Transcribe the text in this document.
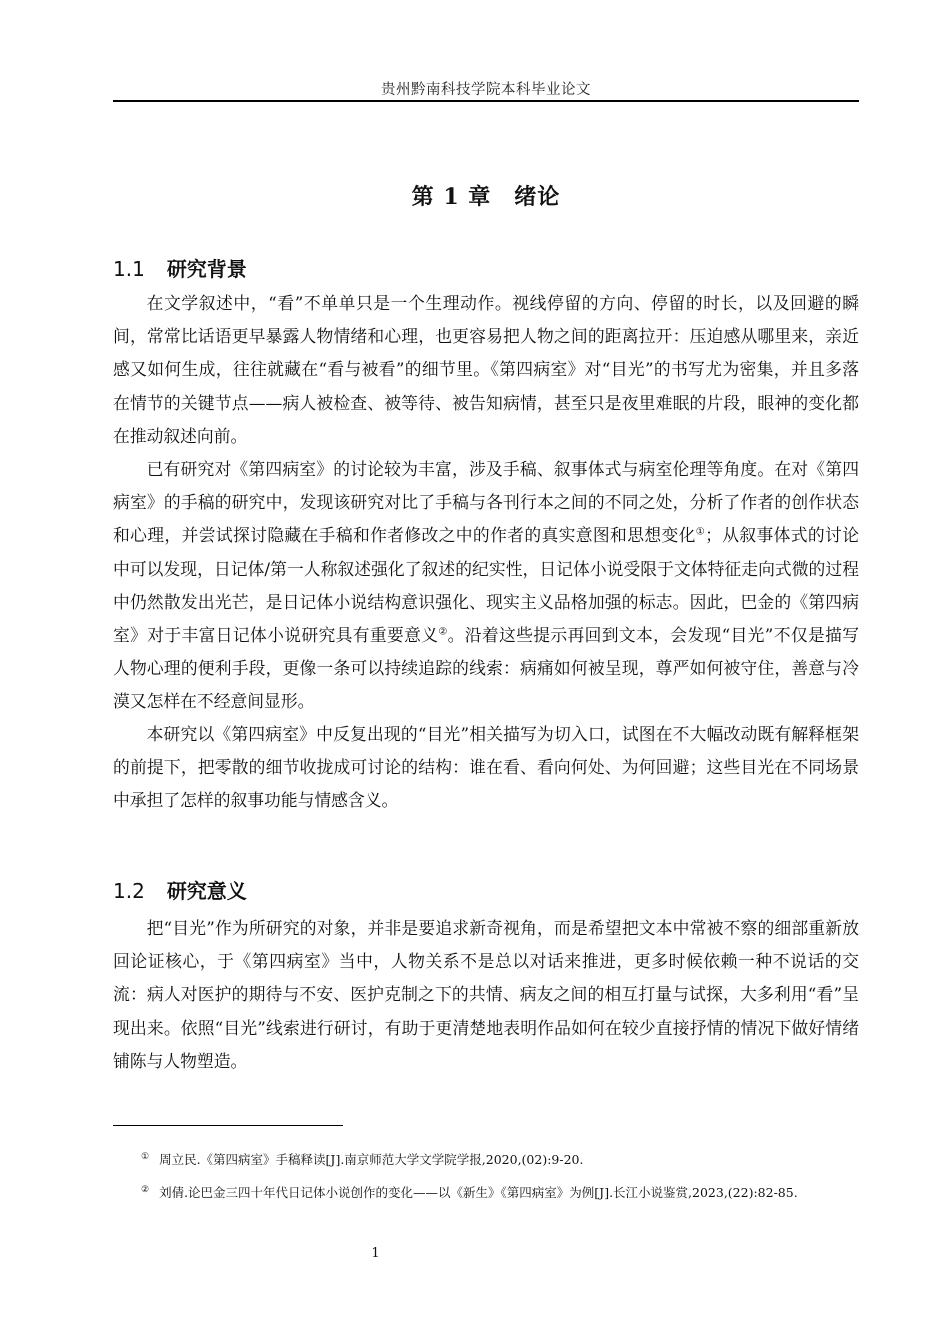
贵州黔南科技学院本科毕业论文
第 1 章　绪论
1.1 研究背景

在文学叙述中，“看”不单单只是一个生理动作。视线停留的方向、停留的时长，以及回避的瞬间，常常比话语更早暴露人物情绪和心理，也更容易把人物之间的距离拉开：压迫感从哪里来，亲近感又如何生成，往往就藏在“看与被看”的细节里。《第四病室》对“目光”的书写尤为密集，并且多落在情节的关键节点——病人被检查、被等待、被告知病情，甚至只是夜里难眠的片段，眼神的变化都在推动叙述向前。

已有研究对《第四病室》的讨论较为丰富，涉及手稿、叙事体式与病室伦理等角度。在对《第四病室》的手稿的研究中，发现该研究对比了手稿与各刊行本之间的不同之处，分析了作者的创作状态和心理，并尝试探讨隐藏在手稿和作者修改之中的作者的真实意图和思想变化①；从叙事体式的讨论中可以发现，日记体/第一人称叙述强化了叙述的纪实性，日记体小说受限于文体特征走向式微的过程中仍然散发出光芒，是日记体小说结构意识强化、现实主义品格加强的标志。因此，巴金的《第四病室》对于丰富日记体小说研究具有重要意义②。沿着这些提示再回到文本，会发现“目光”不仅是描写人物心理的便利手段，更像一条可以持续追踪的线索：病痛如何被呈现，尊严如何被守住，善意与冷漠又怎样在不经意间显形。

本研究以《第四病室》中反复出现的“目光”相关描写为切入口，试图在不大幅改动既有解释框架的前提下，把零散的细节收拢成可讨论的结构：谁在看、看向何处、为何回避；这些目光在不同场景中承担了怎样的叙事功能与情感含义。

1.2 研究意义

把“目光”作为所研究的对象，并非是要追求新奇视角，而是希望把文本中常被不察的细部重新放回论证核心，于《第四病室》当中，人物关系不是总以对话来推进，更多时候依赖一种不说话的交流：病人对医护的期待与不安、医护克制之下的共情、病友之间的相互打量与试探，大多利用“看”呈现出来。依照“目光”线索进行研讨，有助于更清楚地表明作品如何在较少直接抒情的情况下做好情绪铺陈与人物塑造。

① 周立民.《第四病室》手稿释读[J].南京师范大学文学院学报,2020,(02):9-20.

② 刘倩.论巴金三四十年代日记体小说创作的变化——以《新生》《第四病室》为例[J].长江小说鉴赏,2023,(22):82-85.

1
